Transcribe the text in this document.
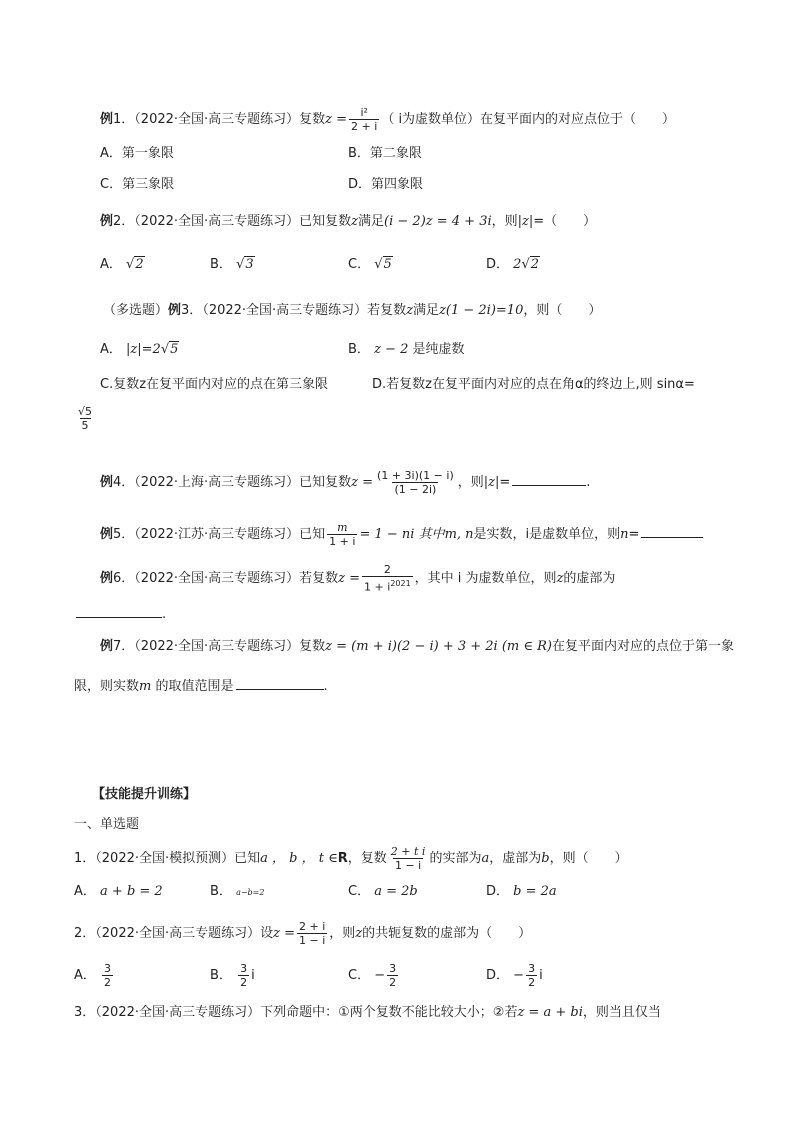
例1．（2022·全国·高三专题练习）复数$z = \frac{\text{i²}}{2 + i}$ （ i为虚数单位）在复平面内的对应点位于（　　）
A．第一象限	B．第二象限
C．第三象限	D．第四象限
例2．（2022·全国·高三专题练习）已知复数z满足(i − 2)z = 4 + 3i，则|z|=（　　）
A． √2	B． √3	C． √5	D． 2√2
（多选题）例3．（2022·全国·高三专题练习）若复数z满足z(1 − 2i)=10，则（　　）
A． |z|=2√5	B． z − 2 是纯虚数
C.复数z在复平面内对应的点在第三象限	D.若复数z在复平面内对应的点在角α的终边上,则 sinα=
$\frac{√5}{5}$
例4．（2022·上海·高三专题练习）已知复数$z = \frac{(1 + 3i)(1 - i)}{(1 - 2i)}$ ，则|z|=	.
例5．（2022·江苏·高三专题练习）已知 $\frac{m}{1 + i} = 1$ − ni 其中m, n是实数，i是虚数单位，则n=
例6．（2022·全国·高三专题练习）若复数$z = \frac{2}{1 + i^{2021}}$ ，其中 i 为虚数单位，则z的虚部为
.
例7．（2022·全国·高三专题练习）复数z = (m + i)(2 − i) + 3 + 2i (m ∈ R)在复平面内对应的点位于第一象
限，则实数m 的取值范围是	.
【技能提升训练】
一、单选题
1．（2022·全国·模拟预测）已知a ， b ， t ∈R，复数 $\frac{\text{2 + t i}}{1 - i}$ 的实部为a，虚部为b，则（　　）
A． a + b = 2	B． a−b=2	C． a = 2b	D． b = 2a
2．（2022·全国·高三专题练习）设$z = \frac{2 + i}{1 - i}$ ，则z的共轭复数的虚部为（　　）
A． $\frac{3}{2}$	B． $\frac{3}{2}$ i	C． − $\frac{3}{2}$	D． − $\frac{3}{2}$ i
3．（2022·全国·高三专题练习）下列命题中：①两个复数不能比较大小；②若z = a + bi，则当且仅当
